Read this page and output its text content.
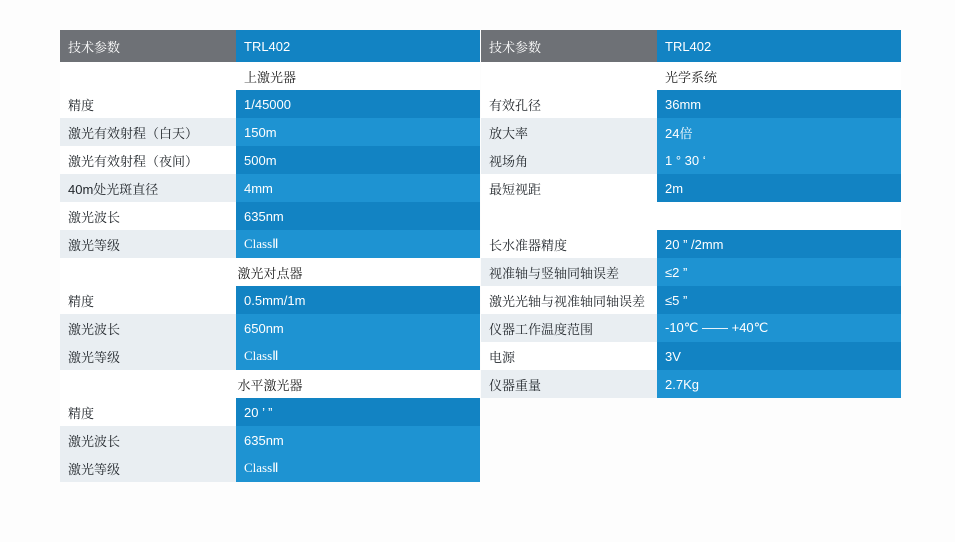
技术参数	TRL402
上激光器	
精度	1/45000
激光有效射程（白天）	150m
激光有效射程（夜间）	500m
40m处光斑直径	4mm
激光波长	635nm
激光等级	ClassⅡ
激光对点器	
精度	0.5mm/1m
激光波长	650nm
激光等级	ClassⅡ
水平激光器	
精度	20 ’ ”
激光波长	635nm
激光等级	ClassⅡ
技术参数	TRL402
光学系统	
有效孔径	36mm
放大率	24倍
视场角	1 ° 30 ‘
最短视距	2m

长水准器精度	20 ” /2mm
视准轴与竖轴同轴误差	≤2 ”
激光光轴与视准轴同轴误差	≤5 ”
仪器工作温度范围	-10℃ —— +40℃
电源	3V
仪器重量	2.7Kg
